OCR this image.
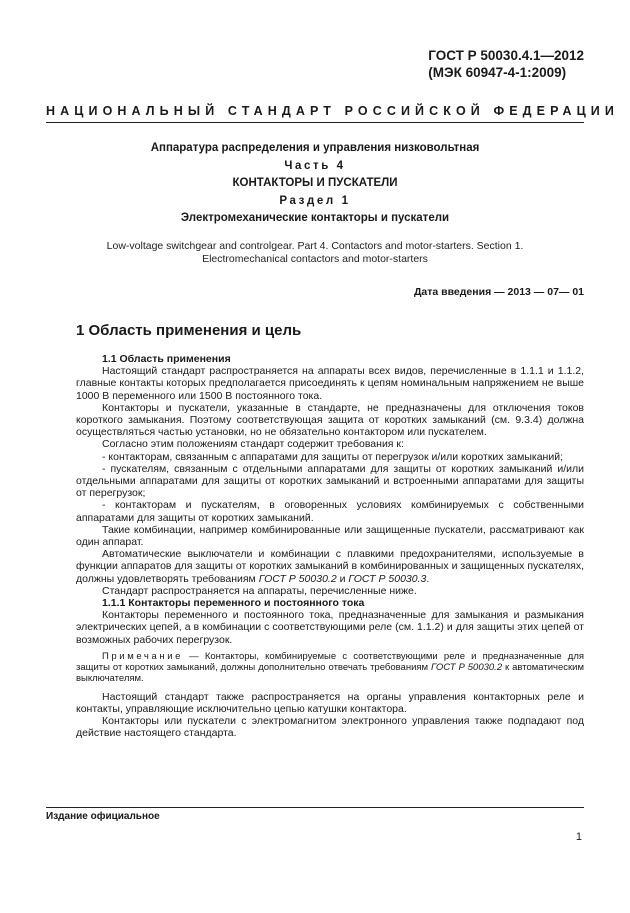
ГОСТ Р 50030.4.1—2012
(МЭК 60947-4-1:2009)
НАЦИОНАЛЬНЫЙ СТАНДАРТ РОССИЙСКОЙ ФЕДЕРАЦИИ
Аппаратура распределения и управления низковольтная
Часть 4
КОНТАКТОРЫ И ПУСКАТЕЛИ
Раздел 1
Электромеханические контакторы и пускатели
Low-voltage switchgear and controlgear. Part 4. Contactors and motor-starters. Section 1.
Electromechanical contactors and motor-starters
Дата введения — 2013 — 07— 01
1 Область применения и цель

1.1 Область применения

Настоящий стандарт распространяется на аппараты всех видов, перечисленные в 1.1.1 и 1.1.2, главные контакты которых предполагается присоединять к цепям номинальным напряжением не выше 1000 В переменного или 1500 В постоянного тока.

Контакторы и пускатели, указанные в стандарте, не предназначены для отключения токов короткого замыкания. Поэтому соответствующая защита от коротких замыканий (см. 9.3.4) должна осуществляться частью установки, но не обязательно контактором или пускателем.

Согласно этим положениям стандарт содержит требования к:

- контакторам, связанным с аппаратами для защиты от перегрузок и/или коротких замыканий;

- пускателям, связанным с отдельными аппаратами для защиты от коротких замыканий и/или отдельными аппаратами для защиты от коротких замыканий и встроенными аппаратами для защиты от перегрузок;

- контакторам и пускателям, в оговоренных условиях комбинируемых с собственными аппаратами для защиты от коротких замыканий.

Такие комбинации, например комбинированные или защищенные пускатели, рассматривают как один аппарат.

Автоматические выключатели и комбинации с плавкими предохранителями, используемые в функции аппаратов для защиты от коротких замыканий в комбинированных и защищенных пускателях, должны удовлетворять требованиям ГОСТ Р 50030.2 и ГОСТ Р 50030.3.

Стандарт распространяется на аппараты, перечисленные ниже.

1.1.1 Контакторы переменного и постоянного тока

Контакторы переменного и постоянного тока, предназначенные для замыкания и размыкания электрических цепей, а в комбинации с соответствующими реле (см. 1.1.2) и для защиты этих цепей от возможных рабочих перегрузок.

Примечание — Контакторы, комбинируемые с соответствующими реле и предназначенные для защиты от коротких замыканий, должны дополнительно отвечать требованиям ГОСТ Р 50030.2 к автоматическим выключателям.

Настоящий стандарт также распространяется на органы управления контакторных реле и контакты, управляющие исключительно цепью катушки контактора.

Контакторы или пускатели с электромагнитом электронного управления также подпадают под действие настоящего стандарта.

Издание официальное
1
